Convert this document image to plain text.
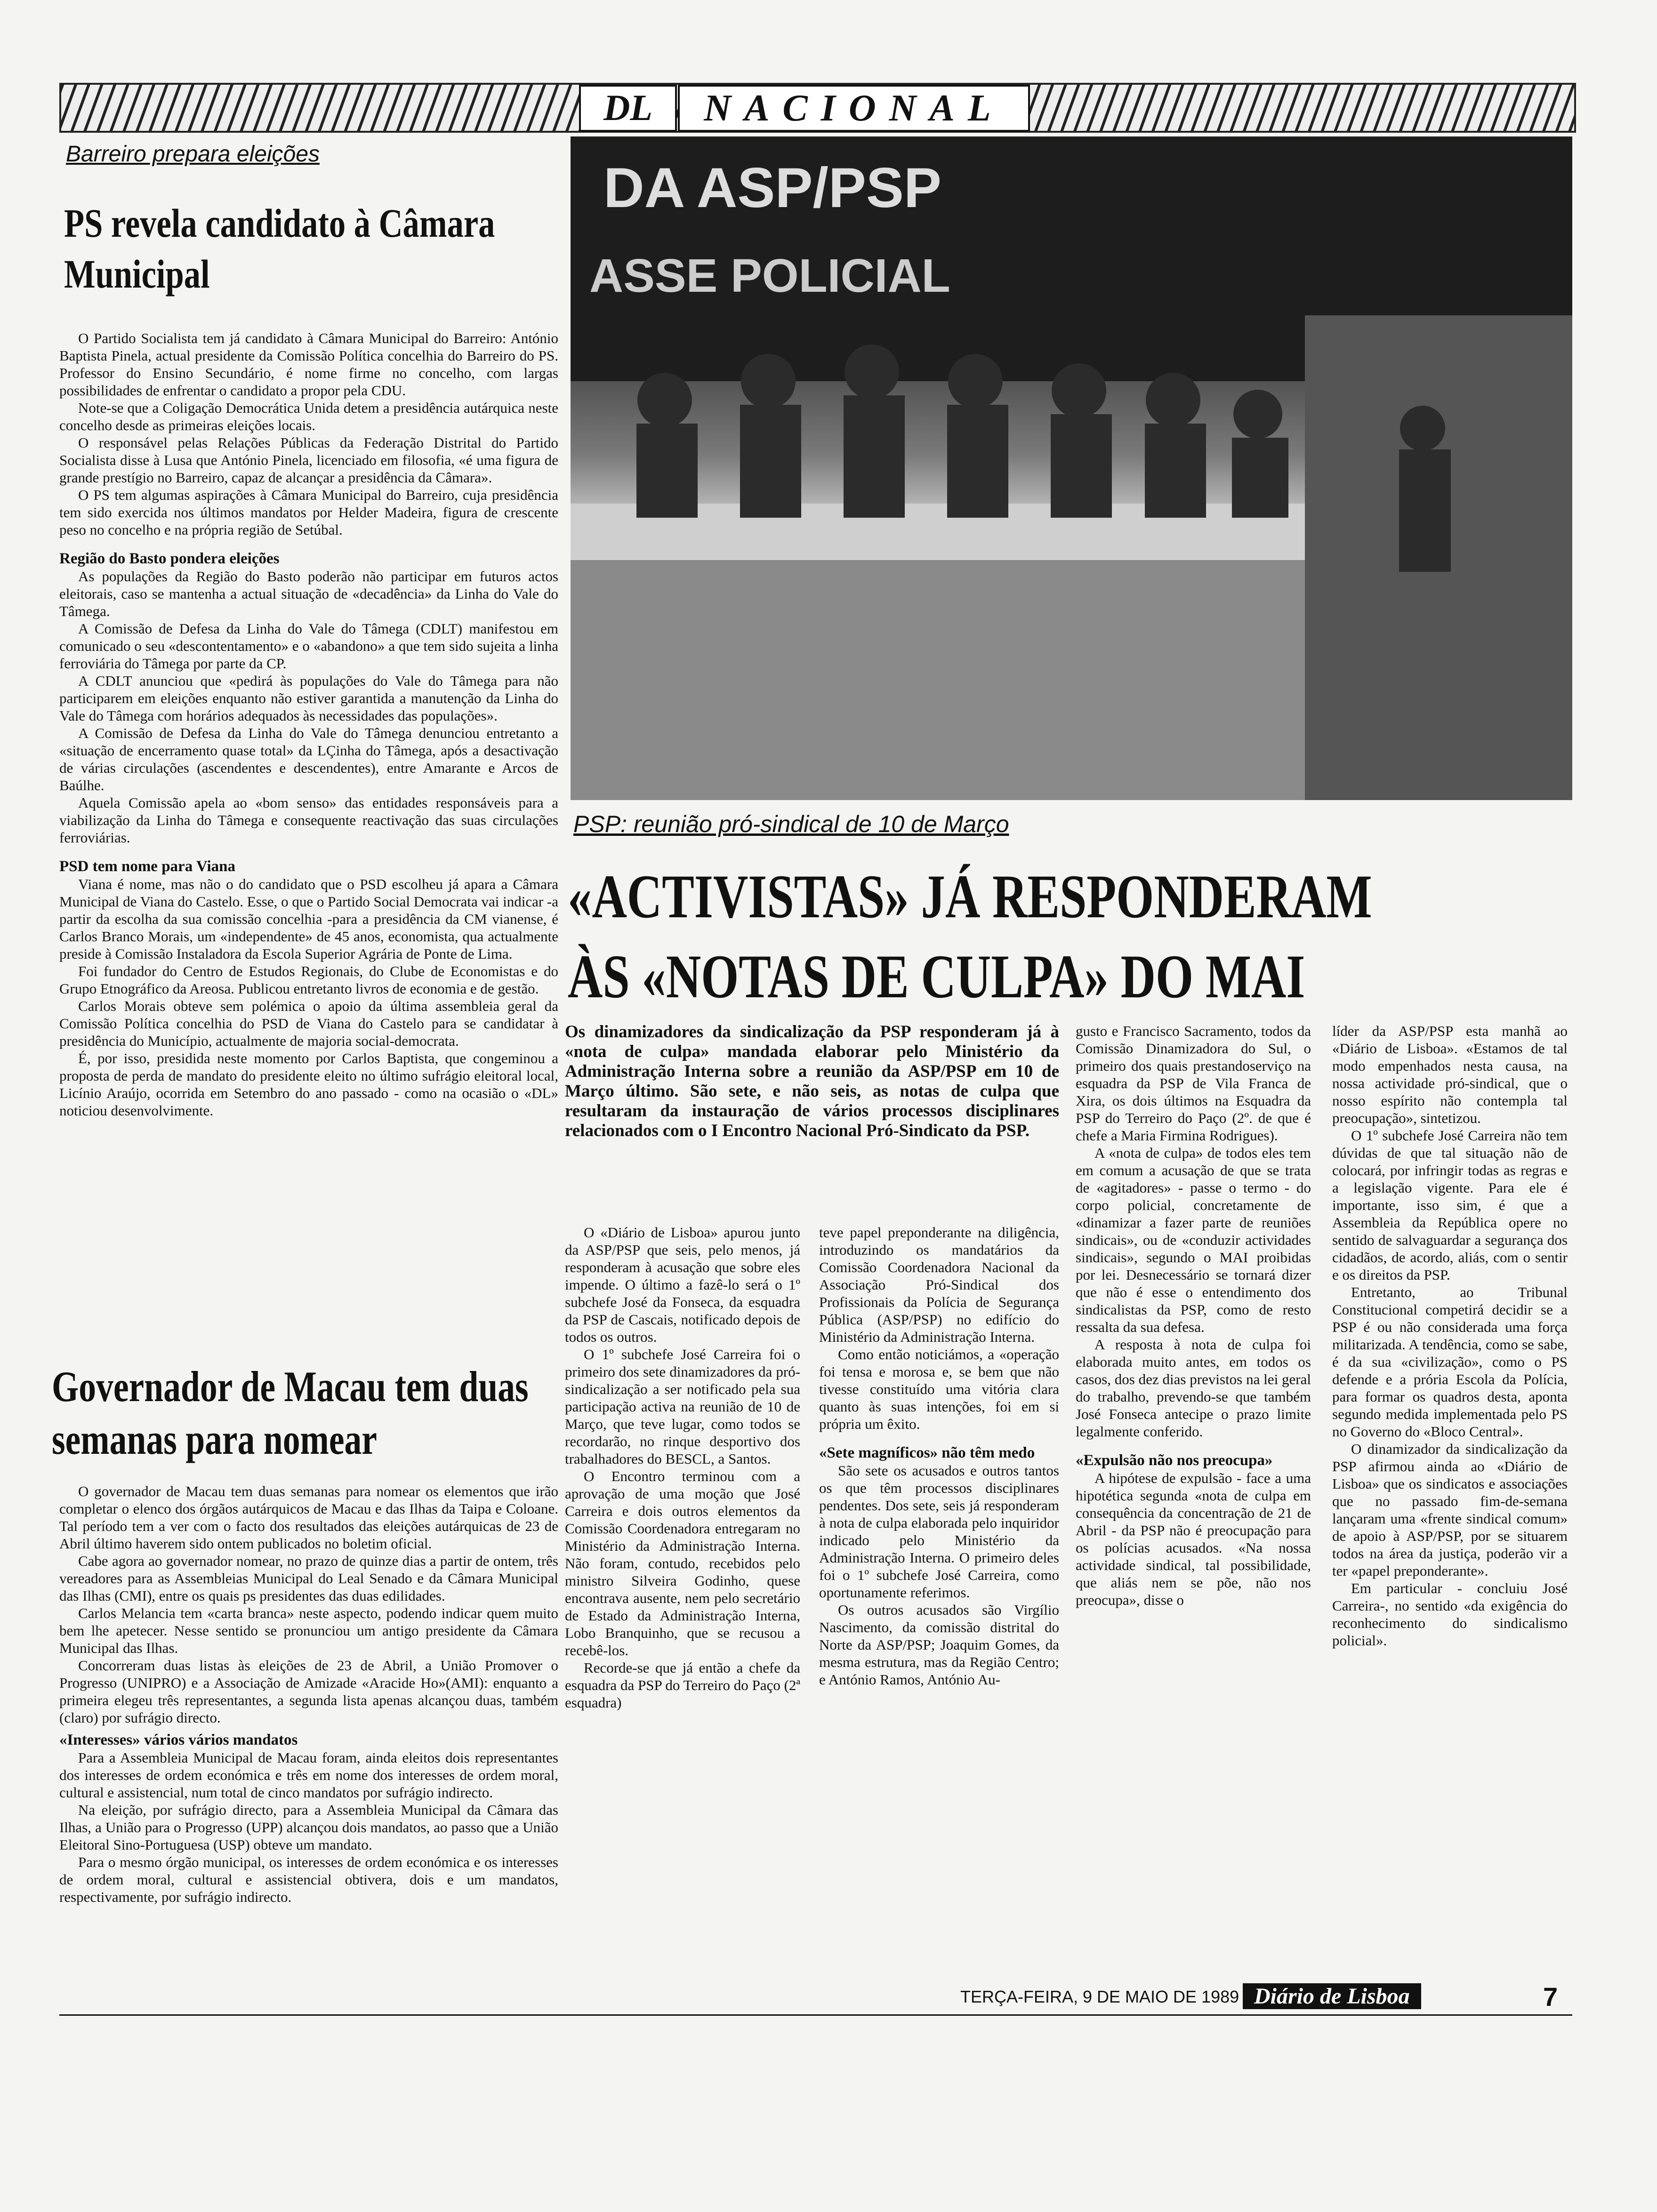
DL	NACIONAL
Barreiro prepara eleições
PS revela candidato à Câmara Municipal

O Partido Socialista tem já candidato à Câmara Municipal do Barreiro: António Baptista Pinela, actual presidente da Comissão Política concelhia do Barreiro do PS. Professor do Ensino Secundário, é nome firme no concelho, com largas possibilidades de enfrentar o candidato a propor pela CDU.

Note-se que a Coligação Democrática Unida detem a presidência autárquica neste concelho desde as primeiras eleições locais.

O responsável pelas Relações Públicas da Federação Distrital do Partido Socialista disse à Lusa que António Pinela, licenciado em filosofia, «é uma figura de grande prestígio no Barreiro, capaz de alcançar a presidência da Câmara».

O PS tem algumas aspirações à Câmara Municipal do Barreiro, cuja presidência tem sido exercida nos últimos mandatos por Helder Madeira, figura de crescente peso no concelho e na própria região de Setúbal.

Região do Basto pondera eleições

As populações da Região do Basto poderão não participar em futuros actos eleitorais, caso se mantenha a actual situação de «decadência» da Linha do Vale do Tâmega.

A Comissão de Defesa da Linha do Vale do Tâmega (CDLT) manifestou em comunicado o seu «descontentamento» e o «abandono» a que tem sido sujeita a linha ferroviária do Tâmega por parte da CP.

A CDLT anunciou que «pedirá às populações do Vale do Tâmega para não participarem em eleições enquanto não estiver garantida a manutenção da Linha do Vale do Tâmega com horários adequados às necessidades das populações».

A Comissão de Defesa da Linha do Vale do Tâmega denunciou entretanto a «situação de encerramento quase total» da LÇinha do Tâmega, após a desactivação de várias circulações (ascendentes e descendentes), entre Amarante e Arcos de Baúlhe.

Aquela Comissão apela ao «bom senso» das entidades responsáveis para a viabilização da Linha do Tâmega e consequente reactivação das suas circulações ferroviárias.

PSD tem nome para Viana

Viana é nome, mas não o do candidato que o PSD escolheu já apara a Câmara Municipal de Viana do Castelo. Esse, o que o Partido Social Democrata vai indicar -a partir da escolha da sua comissão concelhia -para a presidência da CM vianense, é Carlos Branco Morais, um «independente» de 45 anos, economista, qua actualmente preside à Comissão Instaladora da Escola Superior Agrária de Ponte de Lima.

Foi fundador do Centro de Estudos Regionais, do Clube de Economistas e do Grupo Etnográfico da Areosa. Publicou entretanto livros de economia e de gestão.

Carlos Morais obteve sem polémica o apoio da última assembleia geral da Comissão Política concelhia do PSD de Viana do Castelo para se candidatar à presidência do Município, actualmente de majoria social-democrata.

É, por isso, presidida neste momento por Carlos Baptista, que congeminou a proposta de perda de mandato do presidente eleito no último sufrágio eleitoral local, Licínio Araújo, ocorrida em Setembro do ano passado - como na ocasião o «DL» noticiou desenvolvimente.

Governador de Macau tem duas semanas para nomear

O governador de Macau tem duas semanas para nomear os elementos que irão completar o elenco dos órgãos autárquicos de Macau e das Ilhas da Taipa e Coloane. Tal período tem a ver com o facto dos resultados das eleições autárquicas de 23 de Abril último haverem sido ontem publicados no boletim oficial.

Cabe agora ao governador nomear, no prazo de quinze dias a partir de ontem, três vereadores para as Assembleias Municipal do Leal Senado e da Câmara Municipal das Ilhas (CMI), entre os quais ps presidentes das duas edilidades.

Carlos Melancia tem «carta branca» neste aspecto, podendo indicar quem muito bem lhe apetecer. Nesse sentido se pronunciou um antigo presidente da Câmara Municipal das Ilhas.

Concorreram duas listas às eleições de 23 de Abril, a União Promover o Progresso (UNIPRO) e a Associação de Amizade «Aracide Ho»(AMI): enquanto a primeira elegeu três representantes, a segunda lista apenas alcançou duas, também (claro) por sufrágio directo.

«Interesses» vários vários mandatos

Para a Assembleia Municipal de Macau foram, ainda eleitos dois representantes dos interesses de ordem económica e três em nome dos interesses de ordem moral, cultural e assistencial, num total de cinco mandatos por sufrágio indirecto.

Na eleição, por sufrágio directo, para a Assembleia Municipal da Câmara das Ilhas, a União para o Progresso (UPP) alcançou dois mandatos, ao passo que a União Eleitoral Sino-Portuguesa (USP) obteve um mandato.

Para o mesmo órgão municipal, os interesses de ordem económica e os interesses de ordem moral, cultural e assistencial obtivera, dois e um mandatos, respectivamente, por sufrágio indirecto.

DA ASP/PSP
ASSE POLICIAL
PSP: reunião pró-sindical de 10 de Março
«ACTIVISTAS» JÁ RESPONDERAM
ÀS «NOTAS DE CULPA» DO MAI
Os dinamizadores da sindicalização da PSP responderam já à «nota de culpa» mandada elaborar pelo Ministério da Administração Interna sobre a reunião da ASP/PSP em 10 de Março último. São sete, e não seis, as notas de culpa que resultaram da instauração de vários processos disciplinares relacionados com o I Encontro Nacional Pró-Sindicato da PSP.

O «Diário de Lisboa» apurou junto da ASP/PSP que seis, pelo menos, já responderam à acusação que sobre eles impende. O último a fazê-lo será o 1º subchefe José da Fonseca, da esquadra da PSP de Cascais, notificado depois de todos os outros.

O 1º subchefe José Carreira foi o primeiro dos sete dinamizadores da pró-sindicalização a ser notificado pela sua participação activa na reunião de 10 de Março, que teve lugar, como todos se recordarão, no rinque desportivo dos trabalhadores do BESCL, a Santos.

O Encontro terminou com a aprovação de uma moção que José Carreira e dois outros elementos da Comissão Coordenadora entregaram no Ministério da Administração Interna. Não foram, contudo, recebidos pelo ministro Silveira Godinho, quese encontrava ausente, nem pelo secretário de Estado da Administração Interna, Lobo Branquinho, que se recusou a recebê-los.

Recorde-se que já então a chefe da esquadra da PSP do Terreiro do Paço (2ª esquadra)

teve papel preponderante na diligência, introduzindo os mandatários da Comissão Coordenadora Nacional da Associação Pró-Sindical dos Profissionais da Polícia de Segurança Pública (ASP/PSP) no edifício do Ministério da Administração Interna.

Como então noticiámos, a «operação foi tensa e morosa e, se bem que não tivesse constituído uma vitória clara quanto às suas intenções, foi em si própria um êxito.

«Sete magníficos» não têm medo

São sete os acusados e outros tantos os que têm processos disciplinares pendentes. Dos sete, seis já responderam à nota de culpa elaborada pelo inquiridor indicado pelo Ministério da Administração Interna. O primeiro deles foi o 1º subchefe José Carreira, como oportunamente referimos.

Os outros acusados são Virgílio Nascimento, da comissão distrital do Norte da ASP/PSP; Joaquim Gomes, da mesma estrutura, mas da Região Centro; e António Ramos, António Au-

gusto e Francisco Sacramento, todos da Comissão Dinamizadora do Sul, o primeiro dos quais prestandoserviço na esquadra da PSP de Vila Franca de Xira, os dois últimos na Esquadra da PSP do Terreiro do Paço (2º. de que é chefe a Maria Firmina Rodrigues).

A «nota de culpa» de todos eles tem em comum a acusação de que se trata de «agitadores» - passe o termo - do corpo policial, concretamente de «dinamizar a fazer parte de reuniões sindicais», ou de «conduzir actividades sindicais», segundo o MAI proibidas por lei. Desnecessário se tornará dizer que não é esse o entendimento dos sindicalistas da PSP, como de resto ressalta da sua defesa.

A resposta à nota de culpa foi elaborada muito antes, em todos os casos, dos dez dias previstos na lei geral do trabalho, prevendo-se que também José Fonseca antecipe o prazo limite legalmente conferido.

«Expulsão não nos preocupa»

A hipótese de expulsão - face a uma hipotética segunda «nota de culpa em consequência da concentração de 21 de Abril - da PSP não é preocupação para os polícias acusados. «Na nossa actividade sindical, tal possibilidade, que aliás nem se põe, não nos preocupa», disse o

líder da ASP/PSP esta manhã ao «Diário de Lisboa». «Estamos de tal modo empenhados nesta causa, na nossa actividade pró-sindical, que o nosso espírito não contempla tal preocupação», sintetizou.

O 1º subchefe José Carreira não tem dúvidas de que tal situação não de colocará, por infringir todas as regras e a legislação vigente. Para ele é importante, isso sim, é que a Assembleia da República opere no sentido de salvaguardar a segurança dos cidadãos, de acordo, aliás, com o sentir e os direitos da PSP.

Entretanto, ao Tribunal Constitucional competirá decidir se a PSP é ou não considerada uma força militarizada. A tendência, como se sabe, é da sua «civilização», como o PS defende e a prória Escola da Polícia, para formar os quadros desta, aponta segundo medida implementada pelo PS no Governo do «Bloco Central».

O dinamizador da sindicalização da PSP afirmou ainda ao «Diário de Lisboa» que os sindicatos e associações que no passado fim-de-semana lançaram uma «frente sindical comum» de apoio à ASP/PSP, por se situarem todos na área da justiça, poderão vir a ter «papel preponderante».

Em particular - concluiu José Carreira-, no sentido «da exigência do reconhecimento do sindicalismo policial».

TERÇA-FEIRA, 9 DE MAIO DE 1989 Diário de Lisboa	7
